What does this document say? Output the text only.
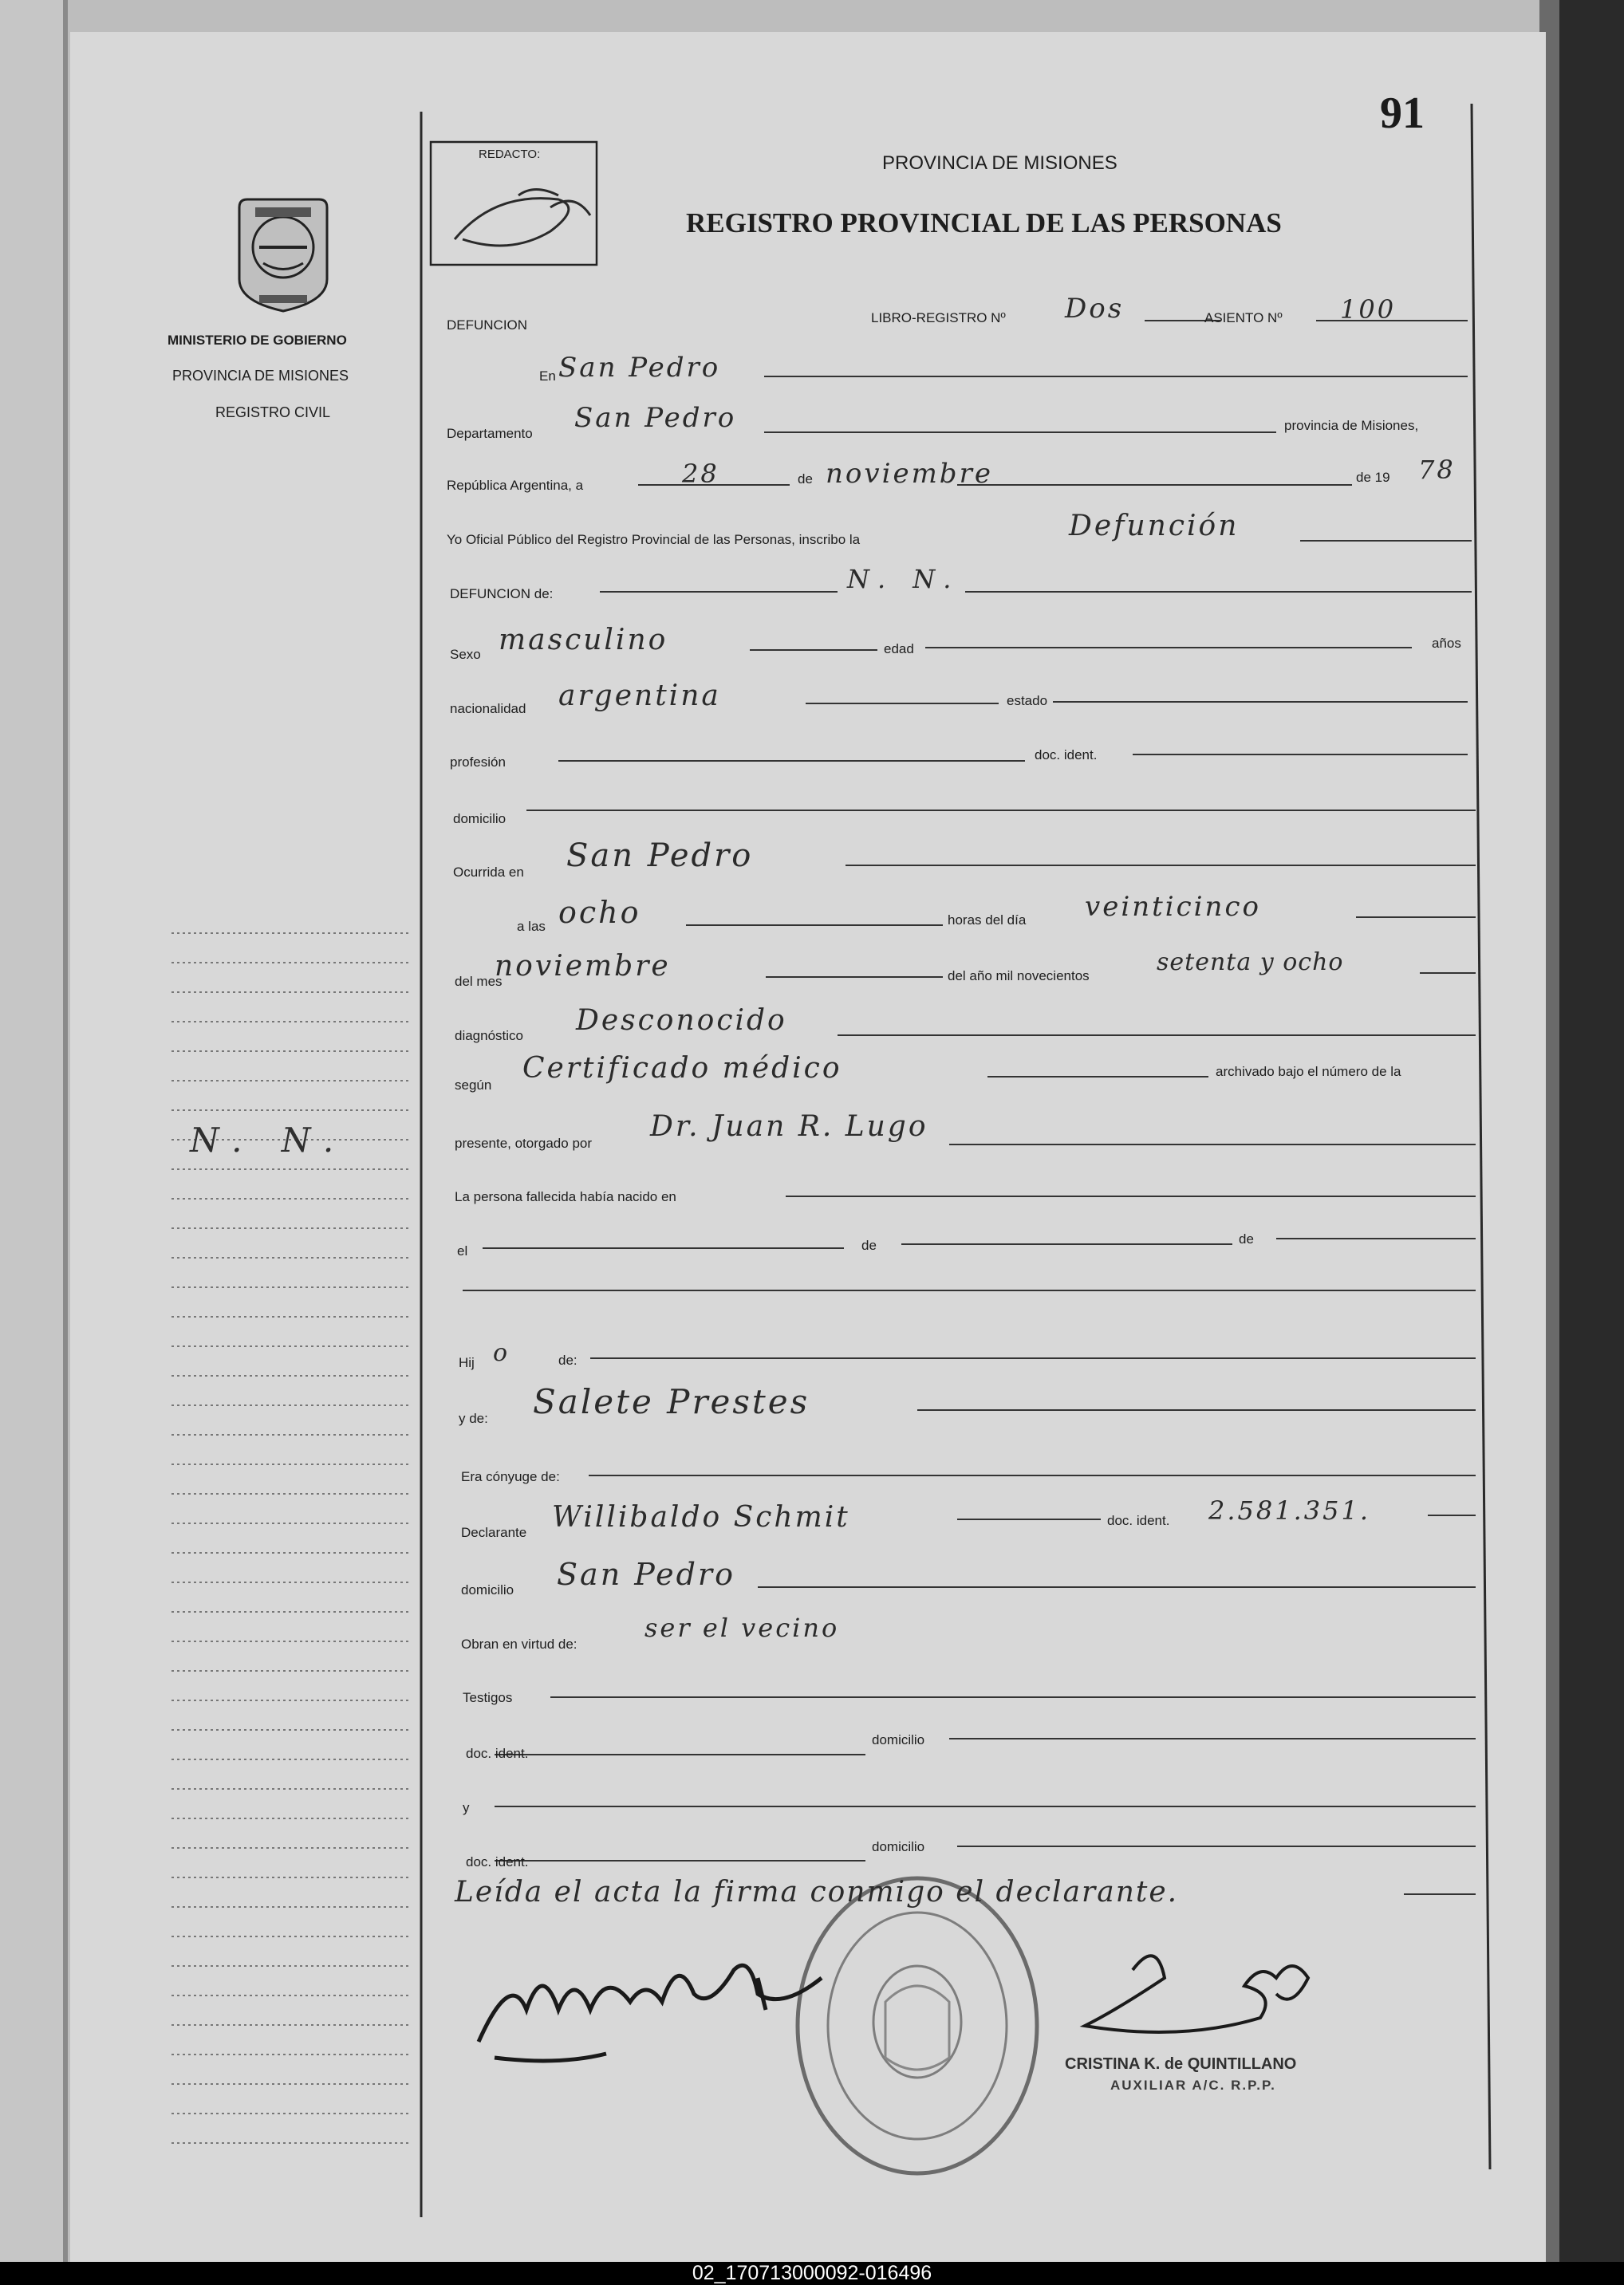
91
MINISTERIO DE GOBIERNO
PROVINCIA DE MISIONES
REGISTRO CIVIL
N. N.
REDACTO:	PROVINCIA DE MISIONES
REGISTRO PROVINCIAL DE LAS PERSONAS
DEFUNCION	LIBRO-REGISTRO Nº Dos	ASIENTO Nº 100
En San Pedro
Departamento San Pedro	provincia de Misiones,
República Argentina, a	28	de noviembre	de 19 78
Yo Oficial Público del Registro Provincial de las Personas, inscribo la	Defunción
DEFUNCION de:	N. N.
Sexo masculino	edad	años
nacionalidad argentina	estado
profesión	doc. ident.
domicilio
Ocurrida en San Pedro
a las ocho	horas del día veinticinco
del mes
noviembre	del año mil novecientos	setenta y ocho
diagnóstico Desconocido
según
Certificado médico	archivado bajo el número de la
presente, otorgado por
Dr. Juan R. Lugo
La persona fallecida había nacido en
el	de	de
Hij o	de:
y de: Salete Prestes
Era cónyuge de:
Declarante Willibaldo Schmit	doc. ident. 2.581.351.
domicilio San Pedro
Obran en virtud de:
ser el vecino
Testigos
doc. ident.
domicilio
y
doc. ident.
domicilio
Leída el acta la firma conmigo el declarante.
CRISTINA K. de QUINTILLANO
AUXILIAR A/C. R.P.P.
02_170713000092-016496
